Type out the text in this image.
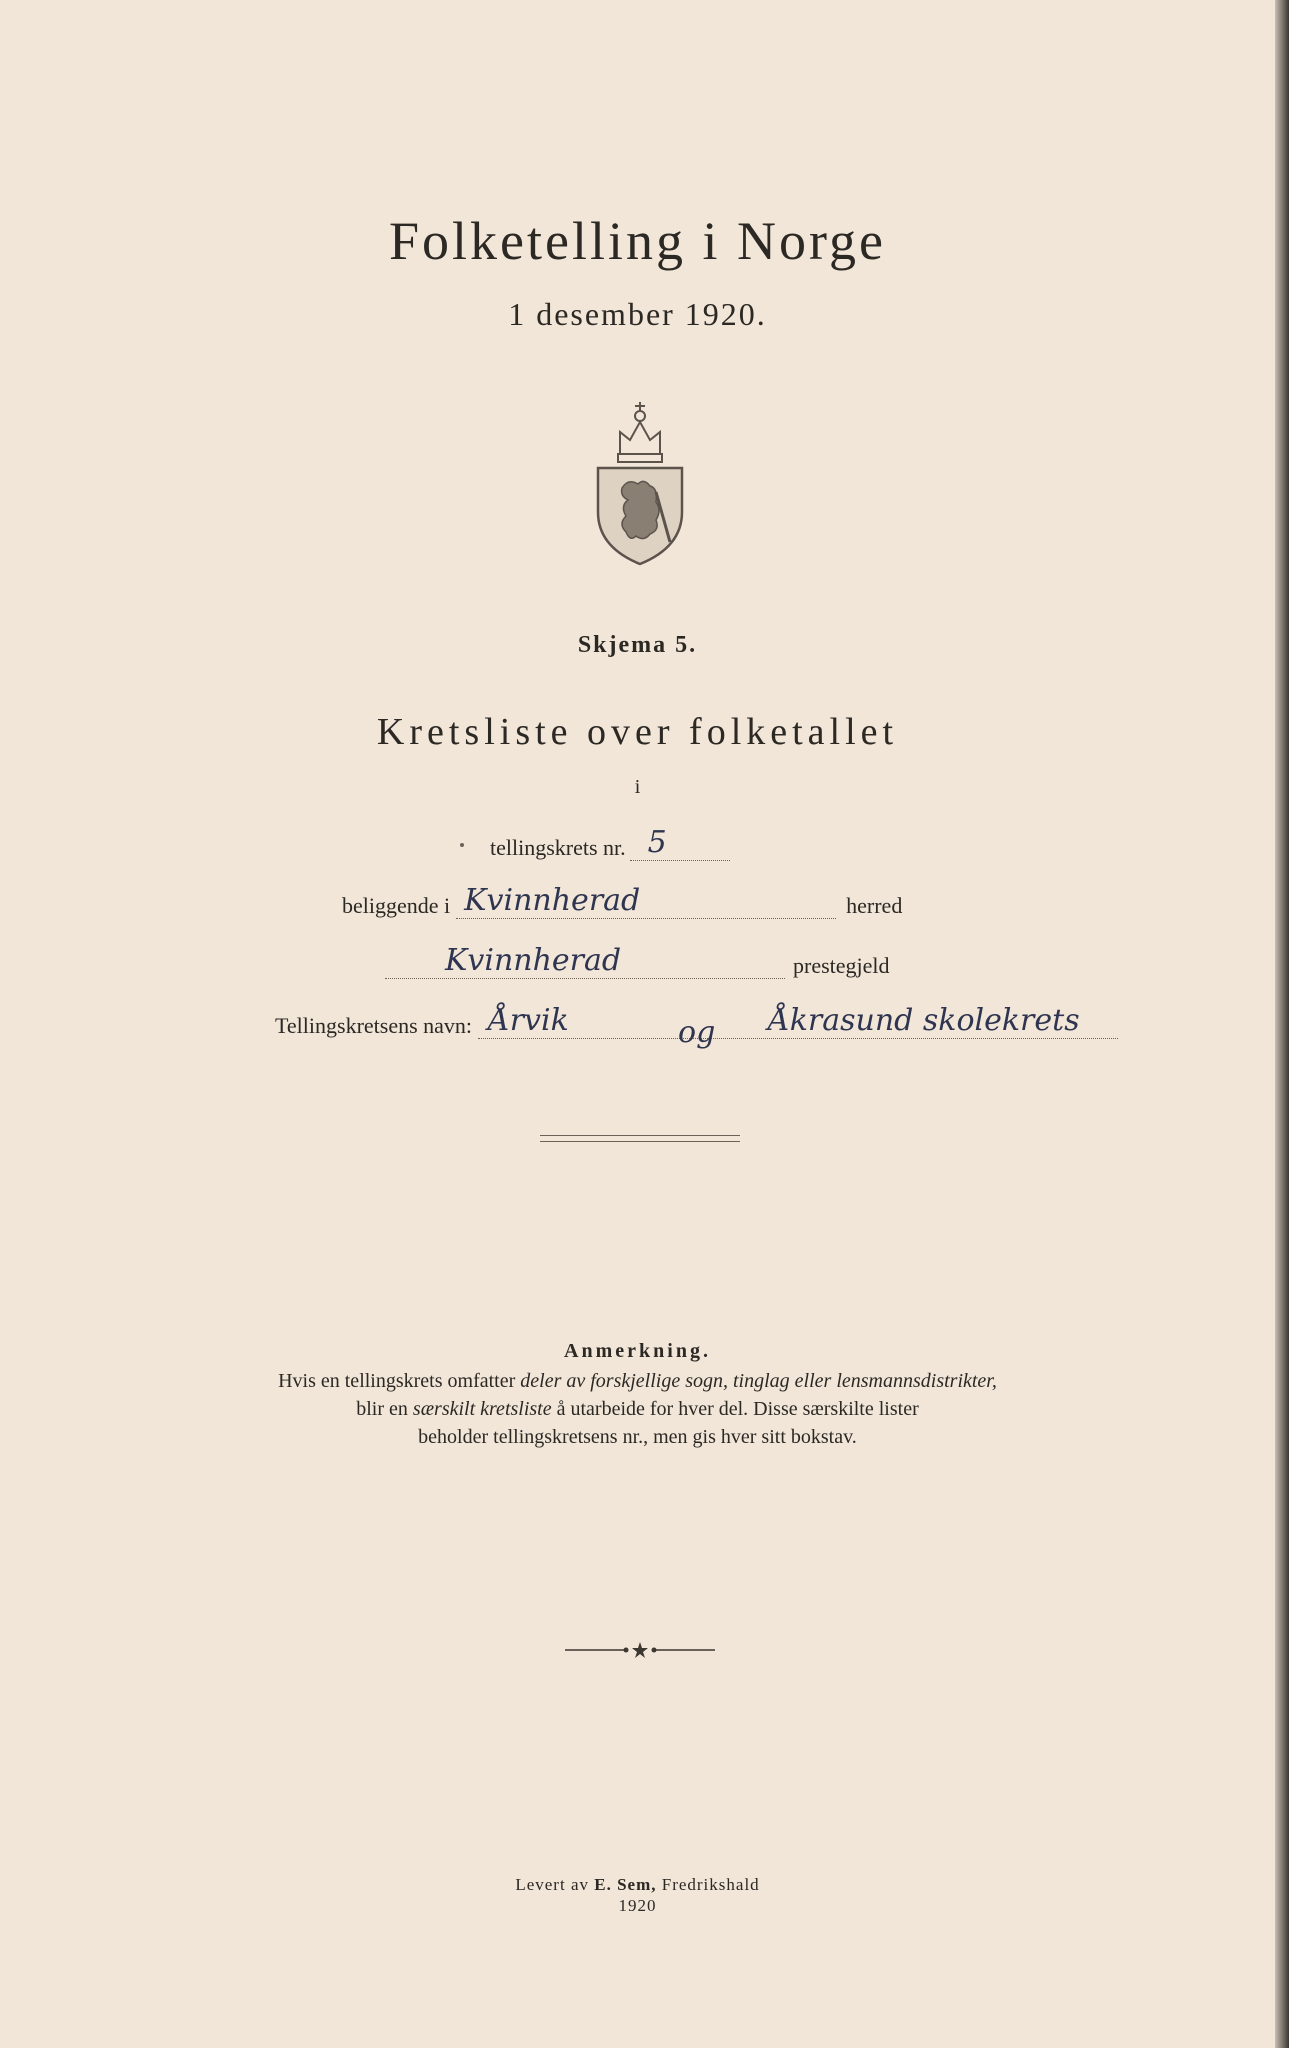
Folketelling i Norge

1 desember 1920.

Skjema 5.

Kretsliste over folketallet

i

tellingskrets nr. 5
beliggende i Kvinnherad	herred
Kvinnherad	prestegjeld
Tellingskretsens navn: Årvik	og Åkrasund skolekrets

Anmerkning.

Hvis en tellingskrets omfatter deler av forskjellige sogn, tinglag eller lensmannsdistrikter,

blir en særskilt kretsliste å utarbeide for hver del. Disse særskilte lister

beholder tellingskretsens nr., men gis hver sitt bokstav.

Levert av E. Sem, Fredrikshald

1920
